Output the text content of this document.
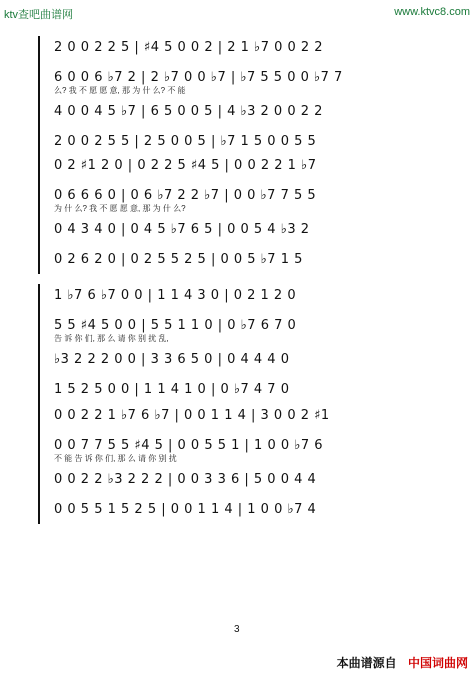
ktv查吧曲谱网	www.ktvc8.com
2 0 0 2 2 5 | ♯4 5 0 0 2 | 2 1 ♭7 0 0 2 2
6 0 0 6 ♭7 2 | 2 ♭7 0 0 ♭7 | ♭7 5 5 0 0 ♭7 7
么? 我 不 愿 愿 意, 那 为 什 么? 不 能
4 0 0 4 5 ♭7 | 6 5 0 0 5 | 4 ♭3 2 0 0 2 2
2 0 0 2 5 5 | 2 5 0 0 5 | ♭7 1 5 0 0 5 5
0 2 ♯1 2 0 | 0 2 2 5 ♯4 5 | 0 0 2 2 1 ♭7
0 6 6 6 0 | 0 6 ♭7 2 2 ♭7 | 0 0 ♭7 7 5 5
为 什 么? 我 不 愿 愿 意, 那 为 什 么?
0 4 3 4 0 | 0 4 5 ♭7 6 5 | 0 0 5 4 ♭3 2
0 2 6 2 0 | 0 2 5 5 2 5 | 0 0 5 ♭7 1 5
1 ♭7 6 ♭7 0 0 | 1 1 4 3 0 | 0 2 1 2 0
5 5 ♯4 5 0 0 | 5 5 1 1 0 | 0 ♭7 6 7 0
告 诉 你 们, 那 么 请 你 别 扰 乱,
♭3 2 2 2 0 0 | 3 3 6 5 0 | 0 4 4 4 0
1 5 2 5 0 0 | 1 1 4 1 0 | 0 ♭7 4 7 0
0 0 2 2 1 ♭7 6 ♭7 | 0 0 1 1 4 | 3 0 0 2 ♯1
0 0 7 7 5 5 ♯4 5 | 0 0 5 5 1 | 1 0 0 ♭7 6
不 能 告 诉 你 们, 那 么 请 你 别 扰
0 0 2 2 ♭3 2 2 2 | 0 0 3 3 6 | 5 0 0 4 4
0 0 5 5 1 5 2 5 | 0 0 1 1 4 | 1 0 0 ♭7 4
3
本曲谱源自 中国词曲网
